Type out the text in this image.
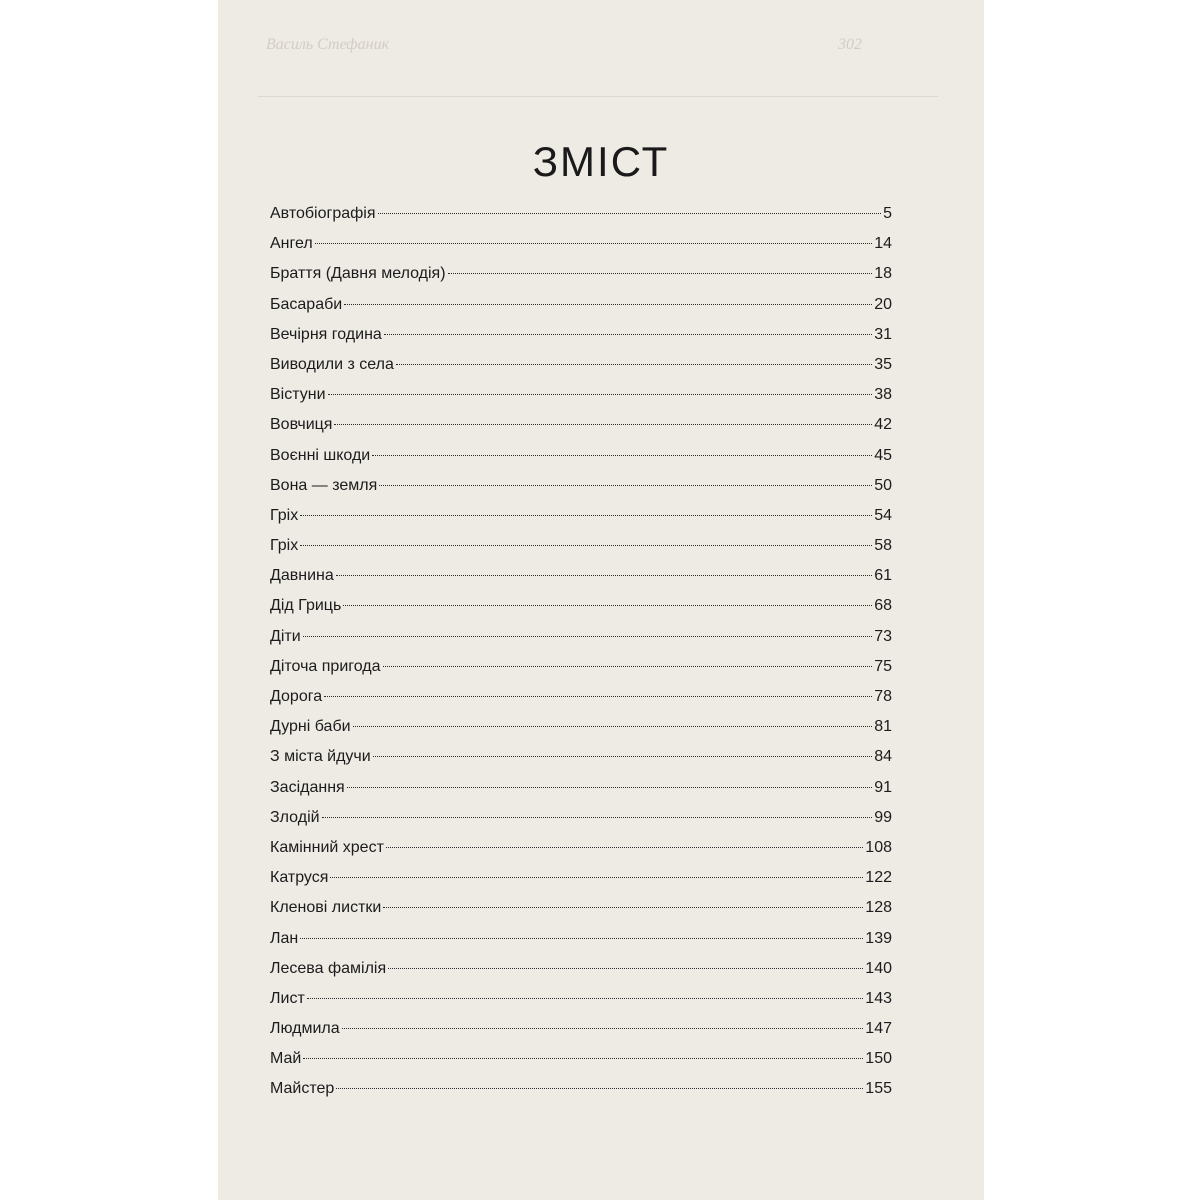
Василь Стефаник	302
ЗМІСТ
Автобіографія	5
Ангел	14
Браття (Давня мелодія)	18
Басараби	20
Вечірня година	31
Виводили з села	35
Вістуни	38
Вовчиця	42
Воєнні шкоди	45
Вона — земля	50
Гріх	54
Гріх	58
Давнина	61
Дід Гриць	68
Діти	73
Діточа пригода	75
Дорога	78
Дурні баби	81
З міста йдучи	84
Засідання	91
Злодій	99
Камінний хрест	108
Катруся	122
Кленові листки	128
Лан	139
Лесева фамілія	140
Лист	143
Людмила	147
Май	150
Майстер	155
